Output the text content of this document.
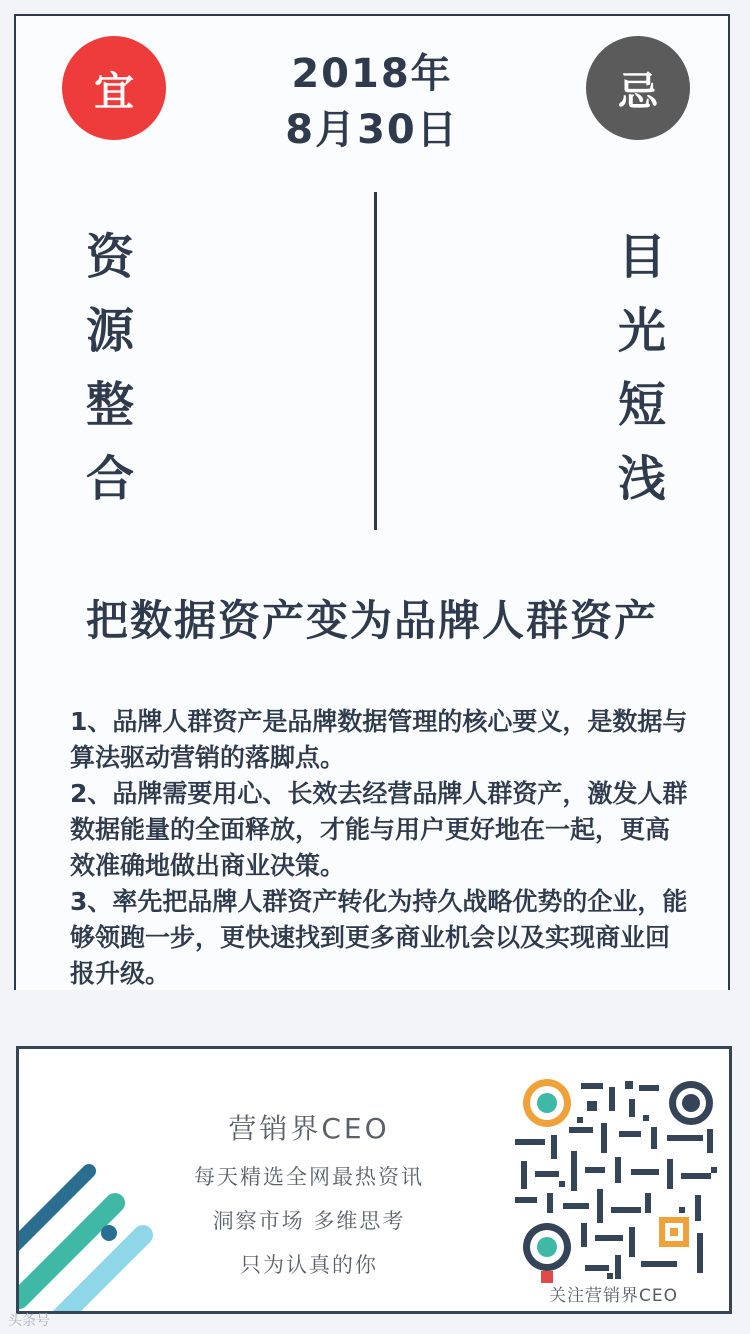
宜	忌
2018年
8月30日
资
源
整
合
目
光
短
浅
把数据资产变为品牌人群资产

1、品牌人群资产是品牌数据管理的核心要义，是数据与算法驱动营销的落脚点。

2、品牌需要用心、长效去经营品牌人群资产，激发人群数据能量的全面释放，才能与用户更好地在一起，更高效准确地做出商业决策。

3、率先把品牌人群资产转化为持久战略优势的企业，能够领跑一步，更快速找到更多商业机会以及实现商业回报升级。

营销界CEO
每天精选全网最热资讯
洞察市场 多维思考
只为认真的你
关注营销界CEO
头条号
